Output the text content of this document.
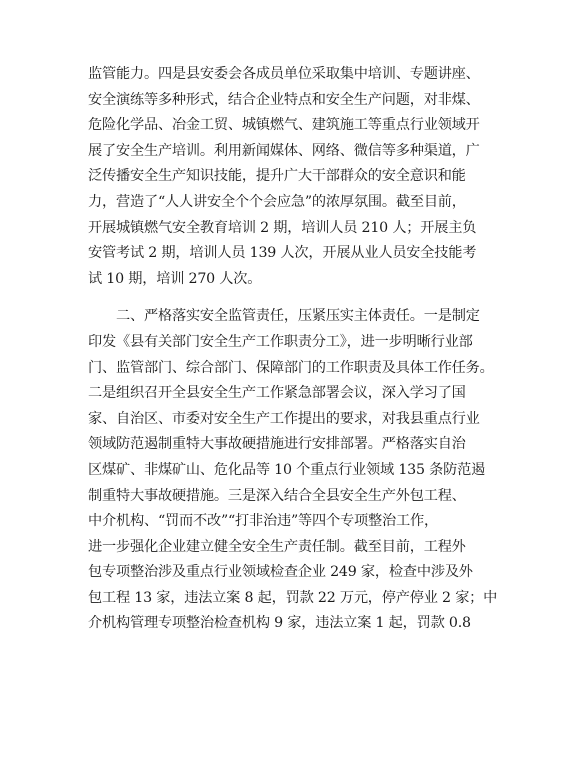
监管能力。四是县安委会各成员单位采取集中培训、专题讲座、
安全演练等多种形式，结合企业特点和安全生产问题，对非煤、
危险化学品、冶金工贸、城镇燃气、建筑施工等重点行业领域开
展了安全生产培训。利用新闻媒体、网络、微信等多种渠道，广
泛传播安全生产知识技能，提升广大干部群众的安全意识和能
力，营造了“人人讲安全个个会应急”的浓厚氛围。截至目前，
开展城镇燃气安全教育培训 2 期，培训人员 210 人；开展主负
安管考试 2 期，培训人员 139 人次，开展从业人员安全技能考
试 10 期，培训 270 人次。
二、严格落实安全监管责任，压紧压实主体责任。一是制定
印发《县有关部门安全生产工作职责分工》，进一步明晰行业部
门、监管部门、综合部门、保障部门的工作职责及具体工作任务。
二是组织召开全县安全生产工作紧急部署会议，深入学习了国
家、自治区、市委对安全生产工作提出的要求，对我县重点行业
领域防范遏制重特大事故硬措施进行安排部署。严格落实自治
区煤矿、非煤矿山、危化品等 10 个重点行业领域 135 条防范遏
制重特大事故硬措施。三是深入结合全县安全生产外包工程、
中介机构、“罚而不改”“打非治违”等四个专项整治工作，
进一步强化企业建立健全安全生产责任制。截至目前，工程外
包专项整治涉及重点行业领域检查企业 249 家，检查中涉及外
包工程 13 家，违法立案 8 起，罚款 22 万元，停产停业 2 家；中
介机构管理专项整治检查机构 9 家，违法立案 1 起，罚款 0.8
